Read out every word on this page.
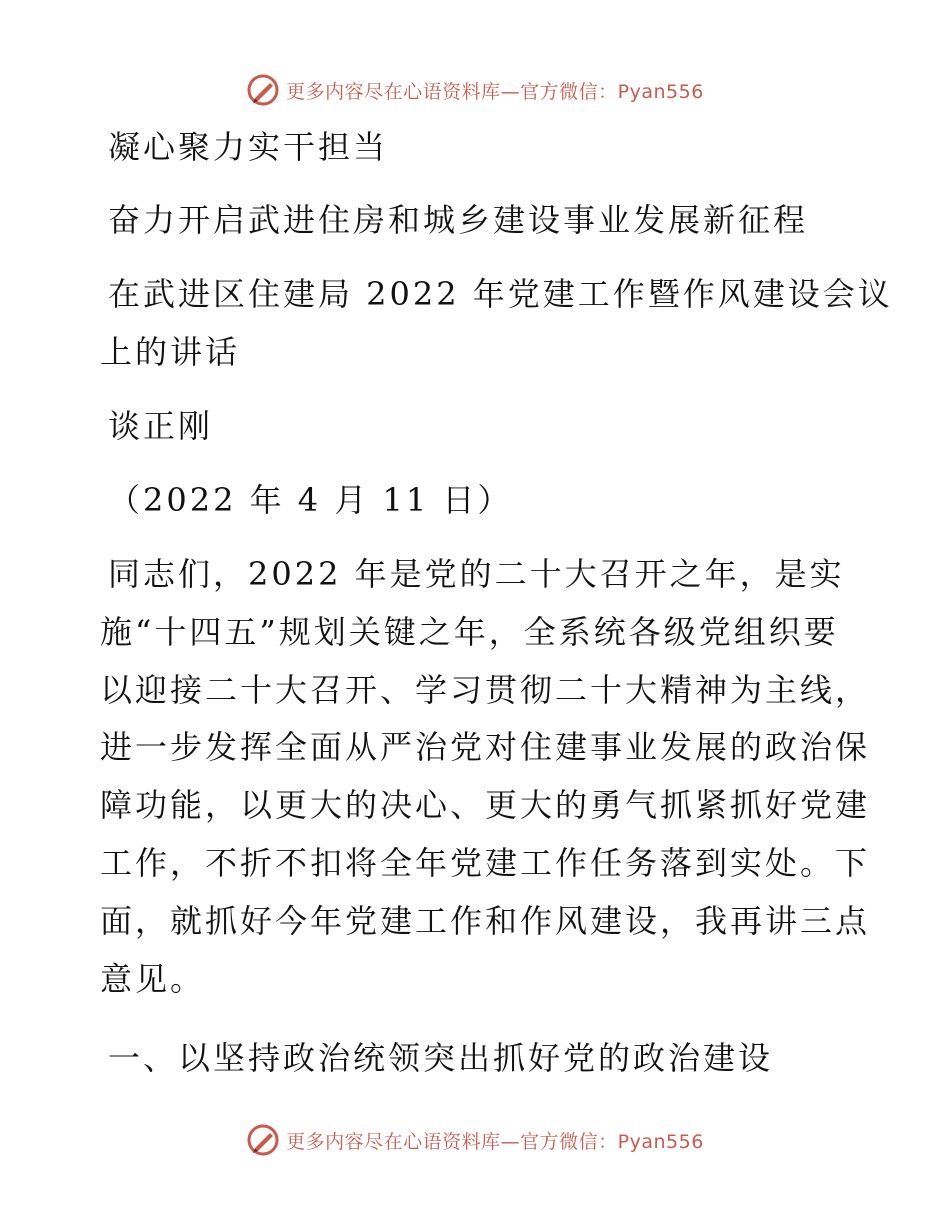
更多内容尽在心语资料库—官方微信：Pyan556
凝心聚力实干担当
奋力开启武进住房和城乡建设事业发展新征程
在武进区住建局 2022 年党建工作暨作风建设会议
上的讲话
谈正刚
（2022 年 4 月 11 日）
同志们，2022 年是党的二十大召开之年，是实
施“十四五”规划关键之年，全系统各级党组织要
以迎接二十大召开、学习贯彻二十大精神为主线，
进一步发挥全面从严治党对住建事业发展的政治保
障功能，以更大的决心、更大的勇气抓紧抓好党建
工作，不折不扣将全年党建工作任务落到实处。下
面，就抓好今年党建工作和作风建设，我再讲三点
意见。
一、以坚持政治统领突出抓好党的政治建设
更多内容尽在心语资料库—官方微信：Pyan556
